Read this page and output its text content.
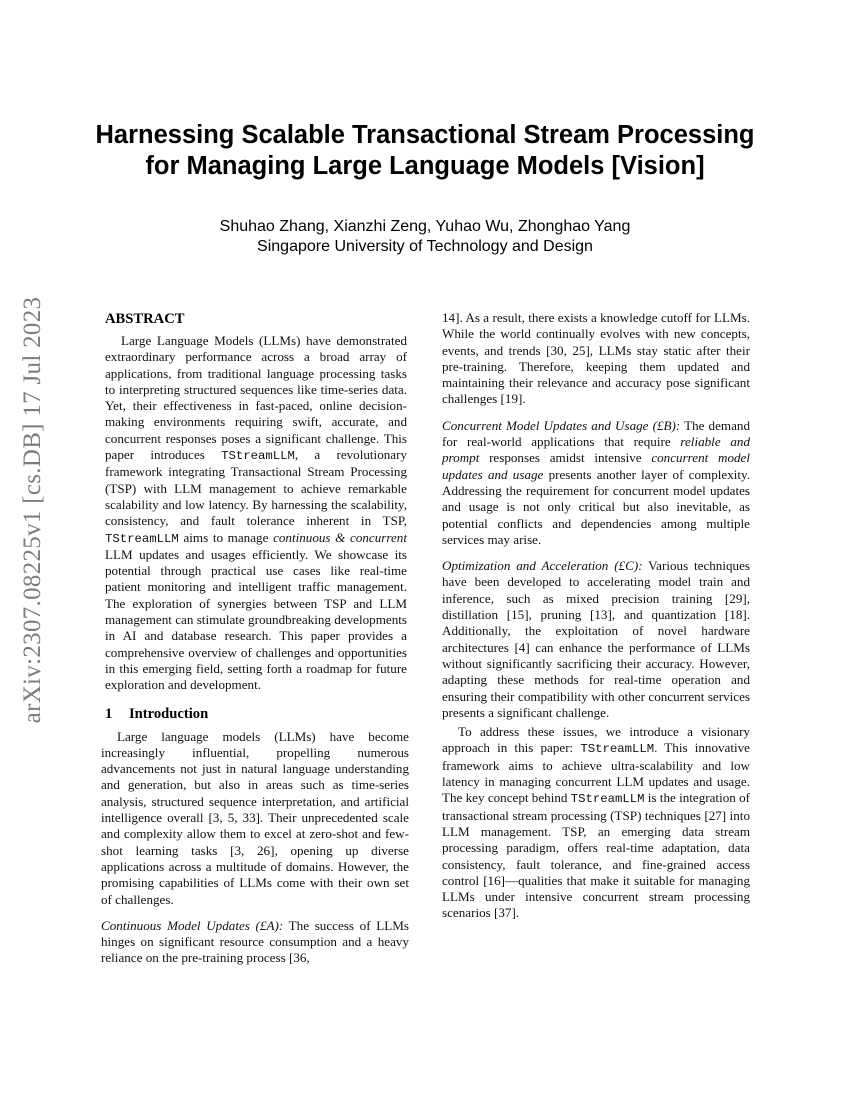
arXiv:2307.08225v1 [cs.DB] 17 Jul 2023
Harnessing Scalable Transactional Stream Processing
for Managing Large Language Models [Vision]
Shuhao Zhang, Xianzhi Zeng, Yuhao Wu, Zhonghao Yang
Singapore University of Technology and Design
ABSTRACT

Large Language Models (LLMs) have demonstrated extraordinary performance across a broad array of applications, from traditional language processing tasks to interpreting structured sequences like time-series data. Yet, their effectiveness in fast-paced, online decision-making environments requiring swift, accurate, and concurrent responses poses a significant challenge. This paper introduces TStreamLLM, a revolutionary framework integrating Transactional Stream Processing (TSP) with LLM management to achieve remarkable scalability and low latency. By harnessing the scalability, consistency, and fault tolerance inherent in TSP, TStreamLLM aims to manage continuous & concurrent LLM updates and usages efficiently. We showcase its potential through practical use cases like real-time patient monitoring and intelligent traffic management. The exploration of synergies between TSP and LLM management can stimulate groundbreaking developments in AI and database research. This paper provides a comprehensive overview of challenges and opportunities in this emerging field, setting forth a roadmap for future exploration and development.

1 Introduction

Large language models (LLMs) have become increasingly influential, propelling numerous advancements not just in natural language understanding and generation, but also in areas such as time-series analysis, structured sequence interpretation, and artificial intelligence overall [3, 5, 33]. Their unprecedented scale and complexity allow them to excel at zero-shot and few-shot learning tasks [3, 26], opening up diverse applications across a multitude of domains. However, the promising capabilities of LLMs come with their own set of challenges.

Continuous Model Updates (£A): The success of LLMs hinges on significant resource consumption and a heavy reliance on the pre-training process [36,

14]. As a result, there exists a knowledge cutoff for LLMs. While the world continually evolves with new concepts, events, and trends [30, 25], LLMs stay static after their pre-training. Therefore, keeping them updated and maintaining their relevance and accuracy pose significant challenges [19].

Concurrent Model Updates and Usage (£B): The demand for real-world applications that require reliable and prompt responses amidst intensive concurrent model updates and usage presents another layer of complexity. Addressing the requirement for concurrent model updates and usage is not only critical but also inevitable, as potential conflicts and dependencies among multiple services may arise.

Optimization and Acceleration (£C): Various techniques have been developed to accelerating model train and inference, such as mixed precision training [29], distillation [15], pruning [13], and quantization [18]. Additionally, the exploitation of novel hardware architectures [4] can enhance the performance of LLMs without significantly sacrificing their accuracy. However, adapting these methods for real-time operation and ensuring their compatibility with other concurrent services presents a significant challenge.

To address these issues, we introduce a visionary approach in this paper: TStreamLLM. This innovative framework aims to achieve ultra-scalability and low latency in managing concurrent LLM updates and usage. The key concept behind TStreamLLM is the integration of transactional stream processing (TSP) techniques [27] into LLM management. TSP, an emerging data stream processing paradigm, offers real-time adaptation, data consistency, fault tolerance, and fine-grained access control [16]—qualities that make it suitable for managing LLMs under intensive concurrent stream processing scenarios [37].
